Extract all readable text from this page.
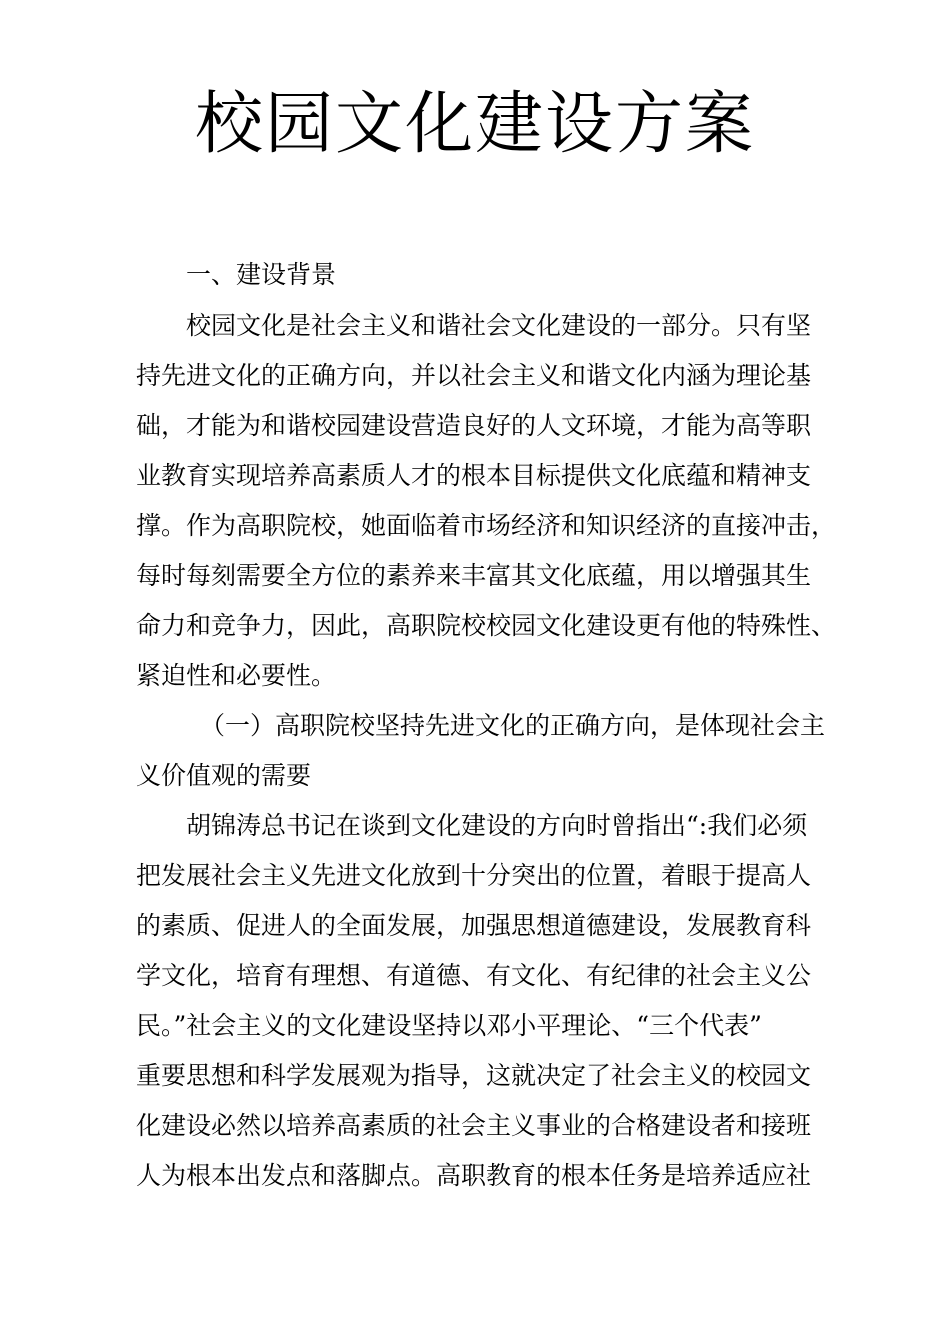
校园文化建设方案

一、建设背景

校园文化是社会主义和谐社会文化建设的一部分。只有坚

持先进文化的正确方向，并以社会主义和谐文化内涵为理论基

础，才能为和谐校园建设营造良好的人文环境，才能为高等职

业教育实现培养高素质人才的根本目标提供文化底蕴和精神支

撑。作为高职院校，她面临着市场经济和知识经济的直接冲击，

每时每刻需要全方位的素养来丰富其文化底蕴，用以增强其生

命力和竞争力，因此，高职院校校园文化建设更有他的特殊性、

紧迫性和必要性。

（一）高职院校坚持先进文化的正确方向，是体现社会主

义价值观的需要

胡锦涛总书记在谈到文化建设的方向时曾指出“:我们必须

把发展社会主义先进文化放到十分突出的位置，着眼于提高人

的素质、促进人的全面发展，加强思想道德建设，发展教育科

学文化，培育有理想、有道德、有文化、有纪律的社会主义公

民。”社会主义的文化建设坚持以邓小平理论、“三个代表”

重要思想和科学发展观为指导，这就决定了社会主义的校园文

化建设必然以培养高素质的社会主义事业的合格建设者和接班

人为根本出发点和落脚点。高职教育的根本任务是培养适应社
